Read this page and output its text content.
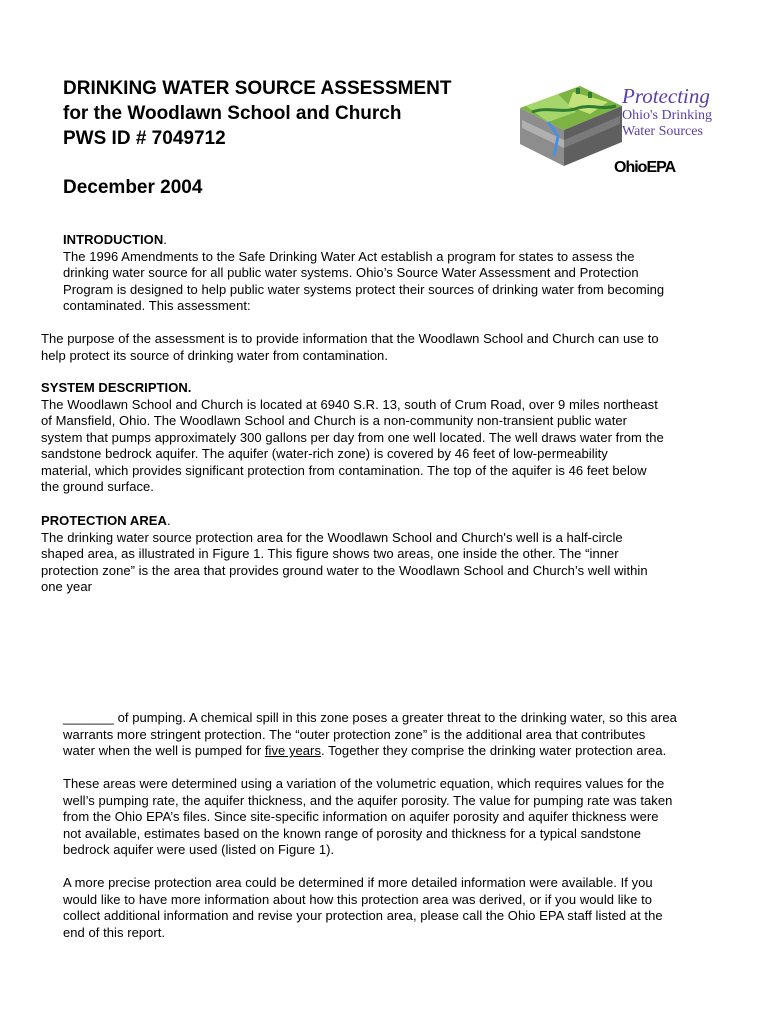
DRINKING WATER SOURCE ASSESSMENT
for the Woodlawn School and Church
PWS ID # 7049712
December 2004
Protecting
Ohio's Drinking
Water Sources
OhioEPA

INTRODUCTION.

The 1996 Amendments to the Safe Drinking Water Act establish a program for states to assess the

drinking water source for all public water systems. Ohio’s Source Water Assessment and Protection

Program is designed to help public water systems protect their sources of drinking water from becoming

contaminated. This assessment:

The purpose of the assessment is to provide information that the Woodlawn School and Church can use to

help protect its source of drinking water from contamination.

SYSTEM DESCRIPTION.

The Woodlawn School and Church is located at 6940 S.R. 13, south of Crum Road, over 9 miles northeast

of Mansfield, Ohio. The Woodlawn School and Church is a non-community non-transient public water

system that pumps approximately 300 gallons per day from one well located. The well draws water from the

sandstone bedrock aquifer. The aquifer (water-rich zone) is covered by 46 feet of low-permeability

material, which provides significant protection from contamination. The top of the aquifer is 46 feet below

the ground surface.

PROTECTION AREA.

The drinking water source protection area for the Woodlawn School and Church's well is a half-circle

shaped area, as illustrated in Figure 1. This figure shows two areas, one inside the other. The “inner

protection zone” is the area that provides ground water to the Woodlawn School and Church’s well within

one year

_______ of pumping. A chemical spill in this zone poses a greater threat to the drinking water, so this area

warrants more stringent protection. The “outer protection zone” is the additional area that contributes

water when the well is pumped for five years. Together they comprise the drinking water protection area.

These areas were determined using a variation of the volumetric equation, which requires values for the

well’s pumping rate, the aquifer thickness, and the aquifer porosity. The value for pumping rate was taken

from the Ohio EPA’s files. Since site-specific information on aquifer porosity and aquifer thickness were

not available, estimates based on the known range of porosity and thickness for a typical sandstone

bedrock aquifer were used (listed on Figure 1).

A more precise protection area could be determined if more detailed information were available. If you

would like to have more information about how this protection area was derived, or if you would like to

collect additional information and revise your protection area, please call the Ohio EPA staff listed at the

end of this report.
